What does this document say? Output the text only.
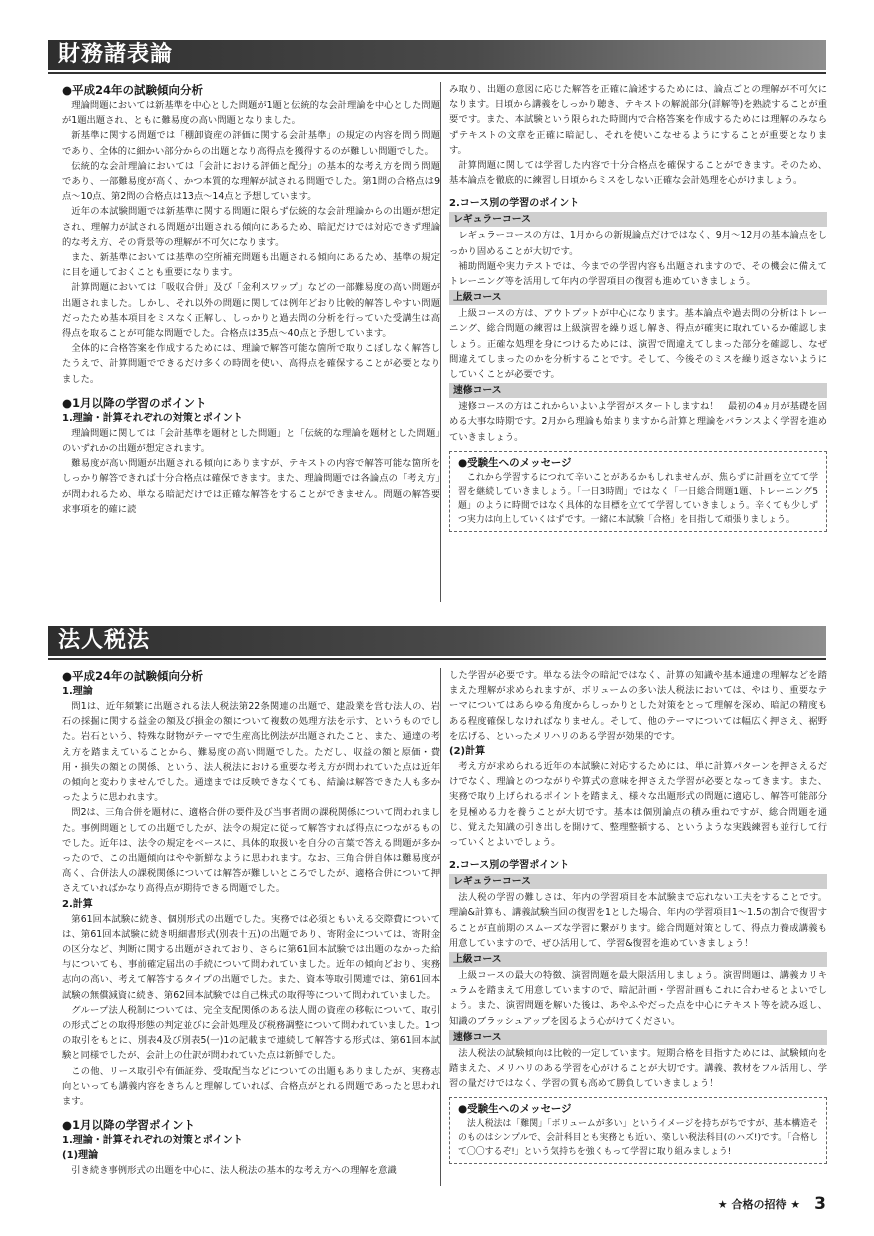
財務諸表論

●平成24年の試験傾向分析

理論問題においては新基準を中心とした問題が1題と伝統的な会計理論を中心とした問題が1題出題され、ともに難易度の高い問題となりました。

新基準に関する問題では「棚卸資産の評価に関する会計基準」の規定の内容を問う問題であり、全体的に細かい部分からの出題となり高得点を獲得するのが難しい問題でした。

伝統的な会計理論においては「会計における評価と配分」の基本的な考え方を問う問題であり、一部難易度が高く、かつ本質的な理解が試される問題でした。第1問の合格点は9点～10点、第2問の合格点は13点～14点と予想しています。

近年の本試験問題では新基準に関する問題に限らず伝統的な会計理論からの出題が想定され、理解力が試される問題が出題される傾向にあるため、暗記だけでは対応できず理論的な考え方、その背景等の理解が不可欠になります。

また、新基準においては基準の空所補充問題も出題される傾向にあるため、基準の規定に目を通しておくことも重要になります。

計算問題においては「吸収合併」及び「金利スワップ」などの一部難易度の高い問題が出題されました。しかし、それ以外の問題に関しては例年どおり比較的解答しやすい問題だったため基本項目をミスなく正解し、しっかりと過去問の分析を行っていた受講生は高得点を取ることが可能な問題でした。合格点は35点～40点と予想しています。

全体的に合格答案を作成するためには、理論で解答可能な箇所で取りこぼしなく解答したうえで、計算問題でできるだけ多くの時間を使い、高得点を確保することが必要となりました。

●1月以降の学習のポイント

1.理論・計算それぞれの対策とポイント

理論問題に関しては「会計基準を題材とした問題」と「伝統的な理論を題材とした問題」のいずれかの出題が想定されます。

難易度が高い問題が出題される傾向にありますが、テキストの内容で解答可能な箇所をしっかり解答できれば十分合格点は確保できます。また、理論問題では各論点の「考え方」が問われるため、単なる暗記だけでは正確な解答をすることができません。問題の解答要求事項を的確に読

み取り、出題の意図に応じた解答を正確に論述するためには、論点ごとの理解が不可欠になります。日頃から講義をしっかり聴き、テキストの解説部分(詳解等)を熟読することが重要です。また、本試験という限られた時間内で合格答案を作成するためには理解のみならずテキストの文章を正確に暗記し、それを使いこなせるようにすることが重要となります。

計算問題に関しては学習した内容で十分合格点を確保することができます。そのため、基本論点を徹底的に練習し日頃からミスをしない正確な会計処理を心がけましょう。

2.コース別の学習のポイント

レギュラーコース

レギュラーコースの方は、1月からの新規論点だけではなく、9月～12月の基本論点をしっかり固めることが大切です。

補助問題や実力テストでは、今までの学習内容も出題されますので、その機会に備えてトレーニング等を活用して年内の学習項目の復習も進めていきましょう。

上級コース

上級コースの方は、アウトプットが中心になります。基本論点や過去問の分析はトレーニング、総合問題の練習は上級演習を繰り返し解き、得点が確実に取れているか確認しましょう。正確な処理を身につけるためには、演習で間違えてしまった部分を確認し、なぜ間違えてしまったのかを分析することです。そして、今後そのミスを繰り返さないようにしていくことが必要です。

速修コース

速修コースの方はこれからいよいよ学習がスタートしますね！　最初の4ヵ月が基礎を固める大事な時期です。2月から理論も始まりますから計算と理論をバランスよく学習を進めていきましょう。

●受験生へのメッセージ

これから学習するにつれて辛いことがあるかもしれませんが、焦らずに計画を立てて学習を継続していきましょう。「一日3時間」ではなく「一日総合問題1題、トレーニング5題」のように時間ではなく具体的な目標を立てて学習していきましょう。辛くても少しずつ実力は向上していくはずです。一緒に本試験「合格」を目指して頑張りましょう。

法人税法

●平成24年の試験傾向分析

1.理論

問1は、近年頻繁に出題される法人税法第22条関連の出題で、建設業を営む法人の、岩石の採掘に関する益金の額及び損金の額について複数の処理方法を示す、というものでした。岩石という、特殊な財物がテーマで生産高比例法が出題されたこと、また、通達の考え方を踏まえていることから、難易度の高い問題でした。ただし、収益の額と原価・費用・損失の額との関係、という、法人税法における重要な考え方が問われていた点は近年の傾向と変わりませんでした。通達までは反映できなくても、結論は解答できた人も多かったように思われます。

問2は、三角合併を題材に、適格合併の要件及び当事者間の課税関係について問われました。事例問題としての出題でしたが、法令の規定に従って解答すれば得点につながるものでした。近年は、法令の規定をベースに、具体的取扱いを自分の言葉で答える問題が多かったので、この出題傾向はやや新鮮なように思われます。なお、三角合併自体は難易度が高く、合併法人の課税関係については解答が難しいところでしたが、適格合併について押さえていればかなり高得点が期待できる問題でした。

2.計算

第61回本試験に続き、個別形式の出題でした。実務では必須ともいえる交際費については、第61回本試験に続き明細書形式(別表十五)の出題であり、寄附金については、寄附金の区分など、判断に関する出題がされており、さらに第61回本試験では出題のなかった給与についても、事前確定届出の手続について問われていました。近年の傾向どおり、実務志向の高い、考えて解答するタイプの出題でした。また、資本等取引関連では、第61回本試験の無償減資に続き、第62回本試験では自己株式の取得等について問われていました。

グループ法人税制については、完全支配関係のある法人間の資産の移転について、取引の形式ごとの取得形態の判定並びに会計処理及び税務調整について問われていました。1つの取引をもとに、別表4及び別表5(一)1の記載まで連続して解答する形式は、第61回本試験と同様でしたが、会計上の仕訳が問われていた点は新鮮でした。

この他、リース取引や有価証券、受取配当などについての出題もありましたが、実務志向といっても講義内容をきちんと理解していれば、合格点がとれる問題であったと思われます。

●1月以降の学習ポイント

1.理論・計算それぞれの対策とポイント

(1)理論

引き続き事例形式の出題を中心に、法人税法の基本的な考え方への理解を意識

した学習が必要です。単なる法令の暗記ではなく、計算の知識や基本通達の理解などを踏まえた理解が求められますが、ボリュームの多い法人税法においては、やはり、重要なテーマについてはあらゆる角度からしっかりとした対策をとって理解を深め、暗記の精度もある程度確保しなければなりません。そして、他のテーマについては幅広く押さえ、裾野を広げる、といったメリハリのある学習が効果的です。

(2)計算

考え方が求められる近年の本試験に対応するためには、単に計算パターンを押さえるだけでなく、理論とのつながりや算式の意味を押さえた学習が必要となってきます。また、実務で取り上げられるポイントを踏まえ、様々な出題形式の問題に適応し、解答可能部分を見極める力を養うことが大切です。基本は個別論点の積み重ねですが、総合問題を通じ、覚えた知識の引き出しを開けて、整理整頓する、というような実践練習も並行して行っていくとよいでしょう。

2.コース別の学習ポイント

レギュラーコース

法人税の学習の難しさは、年内の学習項目を本試験まで忘れない工夫をすることです。理論&計算も、講義試験当回の復習を1とした場合、年内の学習項目1～1.5の割合で復習することが直前期のスムーズな学習に繋がります。総合問題対策として、得点力養成講義も用意していますので、ぜひ活用して、学習&復習を進めていきましょう！

上級コース

上級コースの最大の特徴、演習問題を最大限活用しましょう。演習問題は、講義カリキュラムを踏まえて用意していますので、暗記計画・学習計画もこれに合わせるとよいでしょう。また、演習問題を解いた後は、あやふやだった点を中心にテキスト等を読み返し、知識のブラッシュアップを図るよう心がけてください。

速修コース

法人税法の試験傾向は比較的一定しています。短期合格を目指すためには、試験傾向を踏まえた、メリハリのある学習を心がけることが大切です。講義、教材をフル活用し、学習の量だけではなく、学習の質も高めて勝負していきましょう！

●受験生へのメッセージ

法人税法は「難関」「ボリュームが多い」というイメージを持ちがちですが、基本構造そのものはシンプルで、会計科目とも実務とも近い、楽しい税法科目(のハズ!)です。「合格して〇〇するぞ!」という気持ちを強くもって学習に取り組みましょう!

★ 合格の招待 ★ 3
